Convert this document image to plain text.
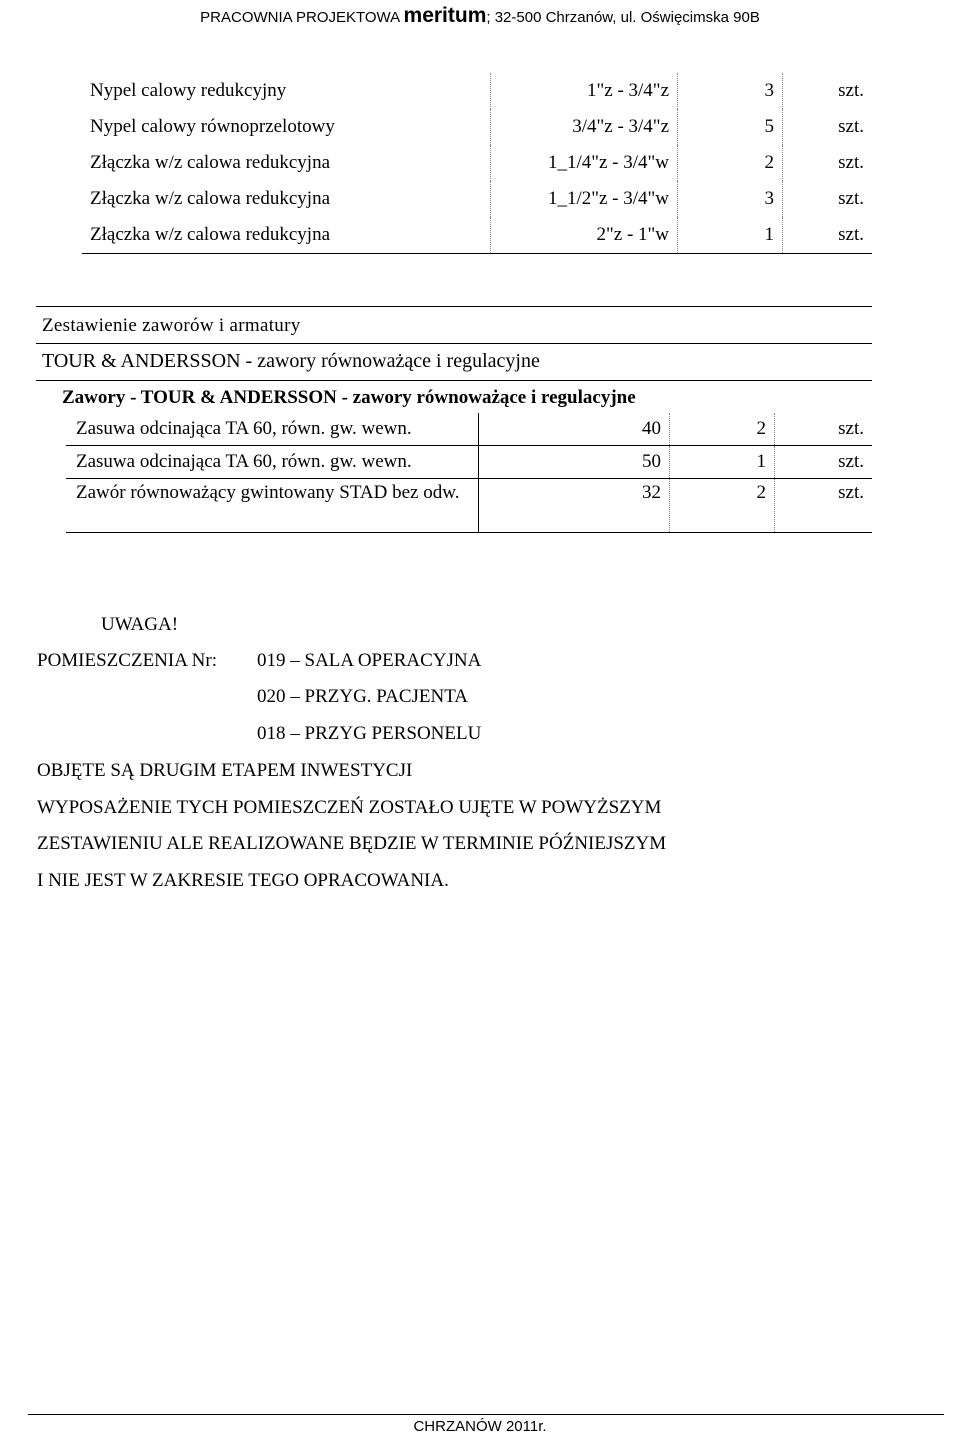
PRACOWNIA PROJEKTOWA meritum; 32-500 Chrzanów, ul. Oświęcimska 90B
Nypel calowy redukcyjny	1"z - 3/4"z	3	szt.
Nypel calowy równoprzelotowy	3/4"z - 3/4"z	5	szt.
Złączka w/z calowa redukcyjna	1_1/4"z - 3/4"w	2	szt.
Złączka w/z calowa redukcyjna	1_1/2"z - 3/4"w	3	szt.
Złączka w/z calowa redukcyjna	2"z - 1"w	1	szt.
Zestawienie zaworów i armatury
TOUR & ANDERSSON - zawory równoważące i regulacyjne
Zawory - TOUR & ANDERSSON - zawory równoważące i regulacyjne
Zasuwa odcinająca TA 60, równ. gw. wewn.	40	2	szt.
Zasuwa odcinająca TA 60, równ. gw. wewn.	50	1	szt.
Zawór równoważący gwintowany STAD bez odw.	32	2	szt.
UWAGA!
POMIESZCZENIA Nr: 019 – SALA OPERACYJNA
020 – PRZYG. PACJENTA
018 – PRZYG PERSONELU
OBJĘTE SĄ DRUGIM ETAPEM INWESTYCJI
WYPOSAŻENIE TYCH POMIESZCZEŃ ZOSTAŁO UJĘTE W POWYŻSZYM
ZESTAWIENIU ALE REALIZOWANE BĘDZIE W TERMINIE PÓŹNIEJSZYM
I NIE JEST W ZAKRESIE TEGO OPRACOWANIA.
CHRZANÓW 2011r.
